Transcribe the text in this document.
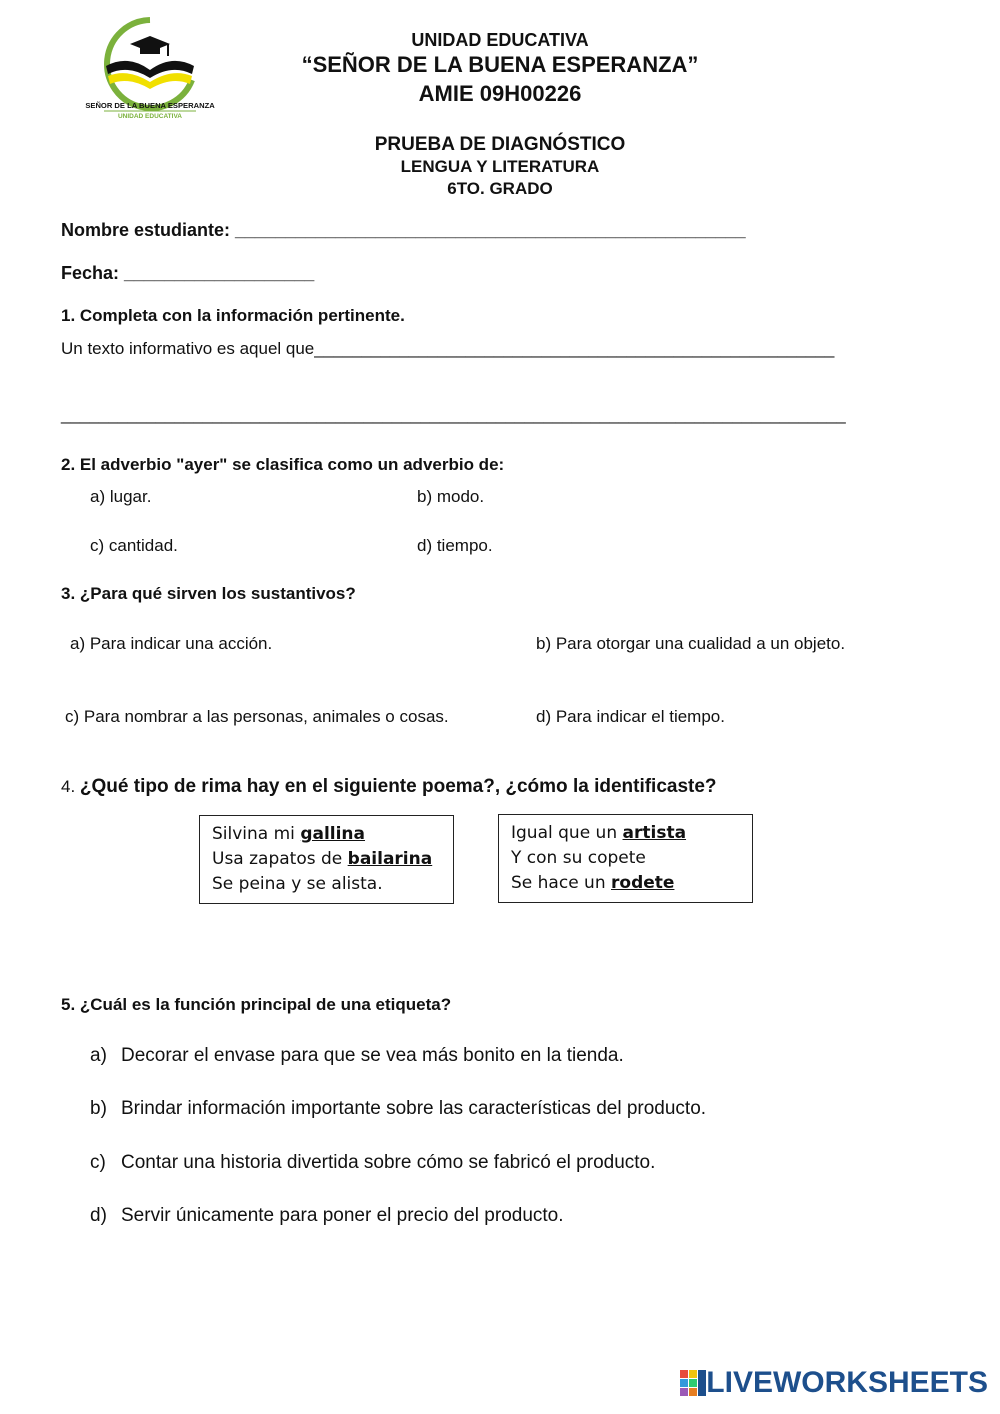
SEÑOR DE LA BUENA ESPERANZA
UNIDAD EDUCATIVA
UNIDAD EDUCATIVA
“SEÑOR DE LA BUENA ESPERANZA”
AMIE 09H00226
PRUEBA DE DIAGNÓSTICO
LENGUA Y LITERATURA
6TO. GRADO
Nombre estudiante: ___________________________________________________
Fecha: ___________________
1. Completa con la información pertinente.
Un texto informativo es aquel que_______________________________________________________
___________________________________________________________________________________
2. El adverbio "ayer" se clasifica como un adverbio de:
a) lugar.	b) modo.
c) cantidad.	d) tiempo.
3. ¿Para qué sirven los sustantivos?
a) Para indicar una acción.	b) Para otorgar una cualidad a un objeto.
c) Para nombrar a las personas, animales o cosas.	d) Para indicar el tiempo.
4. ¿Qué tipo de rima hay en el siguiente poema?, ¿cómo la identificaste?
Silvina mi gallina
Usa zapatos de bailarina
Se peina y se alista.
Igual que un artista
Y con su copete
Se hace un rodete
5. ¿Cuál es la función principal de una etiqueta?
a) Decorar el envase para que se vea más bonito en la tienda.
b) Brindar información importante sobre las características del producto.
c) Contar una historia divertida sobre cómo se fabricó el producto.
d) Servir únicamente para poner el precio del producto.
LIVEWORKSHEETS
